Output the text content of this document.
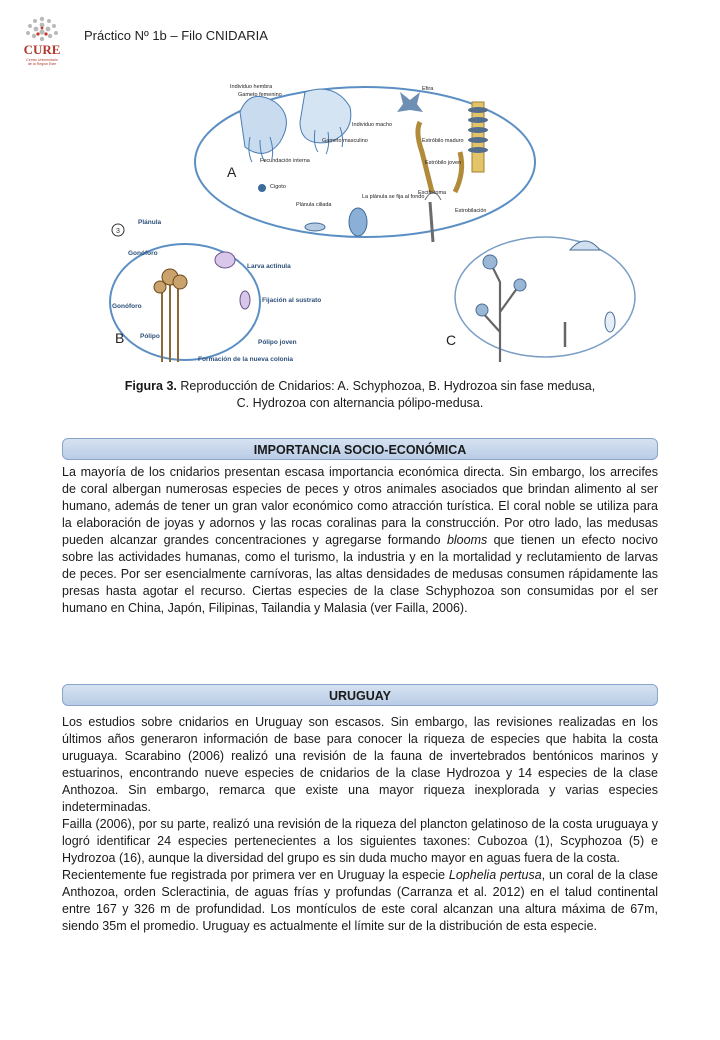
CURE
Centro Universitario
de la Región Este
Práctico Nº 1b – Filo CNIDARIA
Individuo hembra
Gameto femenino
Individuo macho
Gameto masculino
Fecundación interna
Cigoto
Plánula ciliada
La plánula se fija al fondo
Escifistoma
Estrobilación
Estróbilo joven
Estróbilo maduro
Efira
3
Plánula
Gonóforo
Larva actínula
Fijación al sustrato
Gonóforo
Pólipo
Pólipo joven
Formación de la nueva colonia
A
B	C
Figura 3. Reproducción de Cnidarios: A. Schyphozoa, B. Hydrozoa sin fase medusa,
C. Hydrozoa con alternancia pólipo-medusa.
IMPORTANCIA SOCIO-ECONÓMICA

La mayoría de los cnidarios presentan escasa importancia económica directa. Sin embargo, los arrecifes de coral albergan numerosas especies de peces y otros animales asociados que brindan alimento al ser humano, además de tener un gran valor económico como atracción turística. El coral noble se utiliza para la elaboración de joyas y adornos y las rocas coralinas para la construcción. Por otro lado, las medusas pueden alcanzar grandes concentraciones y agregarse formando blooms que tienen un efecto nocivo sobre las actividades humanas, como el turismo, la industria y en la mortalidad y reclutamiento de larvas de peces. Por ser esencialmente carnívoras, las altas densidades de medusas consumen rápidamente las presas hasta agotar el recurso. Ciertas especies de la clase Schyphozoa son consumidas por el ser humano en China, Japón, Filipinas, Tailandia y Malasia (ver Failla, 2006).

URUGUAY

Los estudios sobre cnidarios en Uruguay son escasos. Sin embargo, las revisiones realizadas en los últimos años generaron información de base para conocer la riqueza de especies que habita la costa uruguaya. Scarabino (2006) realizó una revisión de la fauna de invertebrados bentónicos marinos y estuarinos, encontrando nueve especies de cnidarios de la clase Hydrozoa y 14 especies de la clase Anthozoa. Sin embargo, remarca que existe una mayor riqueza inexplorada y varias especies indeterminadas.

Failla (2006), por su parte, realizó una revisión de la riqueza del plancton gelatinoso de la costa uruguaya y logró identificar 24 especies pertenecientes a los siguientes taxones: Cubozoa (1), Scyphozoa (5) e Hydrozoa (16), aunque la diversidad del grupo es sin duda mucho mayor en aguas fuera de la costa.

Recientemente fue registrada por primera ver en Uruguay la especie Lophelia pertusa, un coral de la clase Anthozoa, orden Scleractinia, de aguas frías y profundas (Carranza et al. 2012) en el talud continental entre 167 y 326 m de profundidad. Los montículos de este coral alcanzan una altura máxima de 67m, siendo 35m el promedio. Uruguay es actualmente el límite sur de la distribución de esta especie.
